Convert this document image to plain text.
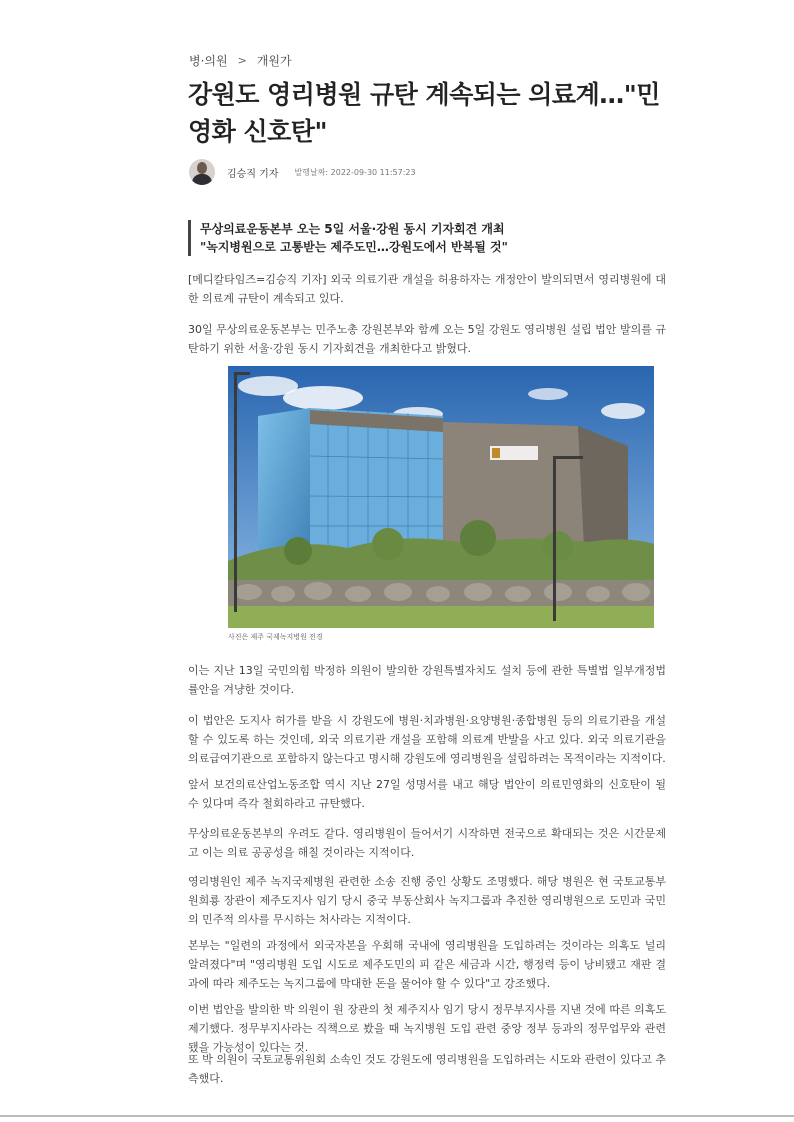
병·의원 > 개원가
강원도 영리병원 규탄 계속되는 의료계…"민영화 신호탄"
김승직 기자 발행날짜: 2022-09-30 11:57:23
무상의료운동본부 오는 5일 서울·강원 동시 기자회견 개최
"녹지병원으로 고통받는 제주도민…강원도에서 반복될 것"

[메디칼타임즈=김승직 기자] 외국 의료기관 개설을 허용하자는 개정안이 발의되면서 영리병원에 대한 의료계 규탄이 계속되고 있다.

30일 무상의료운동본부는 민주노총 강원본부와 함께 오는 5일 강원도 영리병원 설립 법안 발의를 규탄하기 위한 서울·강원 동시 기자회견을 개최한다고 밝혔다.

사진은 제주 국제녹지병원 전경

이는 지난 13일 국민의힘 박정하 의원이 발의한 강원특별자치도 설치 등에 관한 특별법 일부개정법률안을 겨냥한 것이다.

이 법안은 도지사 허가를 받을 시 강원도에 병원·치과병원·요양병원·종합병원 등의 의료기관을 개설할 수 있도록 하는 것인데, 외국 의료기관 개설을 포함해 의료계 반발을 사고 있다. 외국 의료기관을 의료급여기관으로 포함하지 않는다고 명시해 강원도에 영리병원을 설립하려는 목적이라는 지적이다.

앞서 보건의료산업노동조합 역시 지난 27일 성명서를 내고 해당 법안이 의료민영화의 신호탄이 될 수 있다며 즉각 철회하라고 규탄했다.

무상의료운동본부의 우려도 같다. 영리병원이 들어서기 시작하면 전국으로 확대되는 것은 시간문제고 이는 의료 공공성을 해칠 것이라는 지적이다.

영리병원인 제주 녹지국제병원 관련한 소송 진행 중인 상황도 조명했다. 해당 병원은 현 국토교통부 원희룡 장관이 제주도지사 임기 당시 중국 부동산회사 녹지그룹과 추진한 영리병원으로 도민과 국민의 민주적 의사를 무시하는 처사라는 지적이다.

본부는 "일련의 과정에서 외국자본을 우회해 국내에 영리병원을 도입하려는 것이라는 의혹도 널리 알려졌다"며 "영리병원 도입 시도로 제주도민의 피 같은 세금과 시간, 행정력 등이 낭비됐고 재판 결과에 따라 제주도는 녹지그룹에 막대한 돈을 물어야 할 수 있다"고 강조했다.

이번 법안을 발의한 박 의원이 원 장관의 첫 제주지사 임기 당시 정무부지사를 지낸 것에 따른 의혹도 제기했다. 정무부지사라는 직책으로 봤을 때 녹지병원 도입 관련 중앙 정부 등과의 정무업무와 관련됐을 가능성이 있다는 것.

또 박 의원이 국토교통위원회 소속인 것도 강원도에 영리병원을 도입하려는 시도와 관련이 있다고 추측했다.
